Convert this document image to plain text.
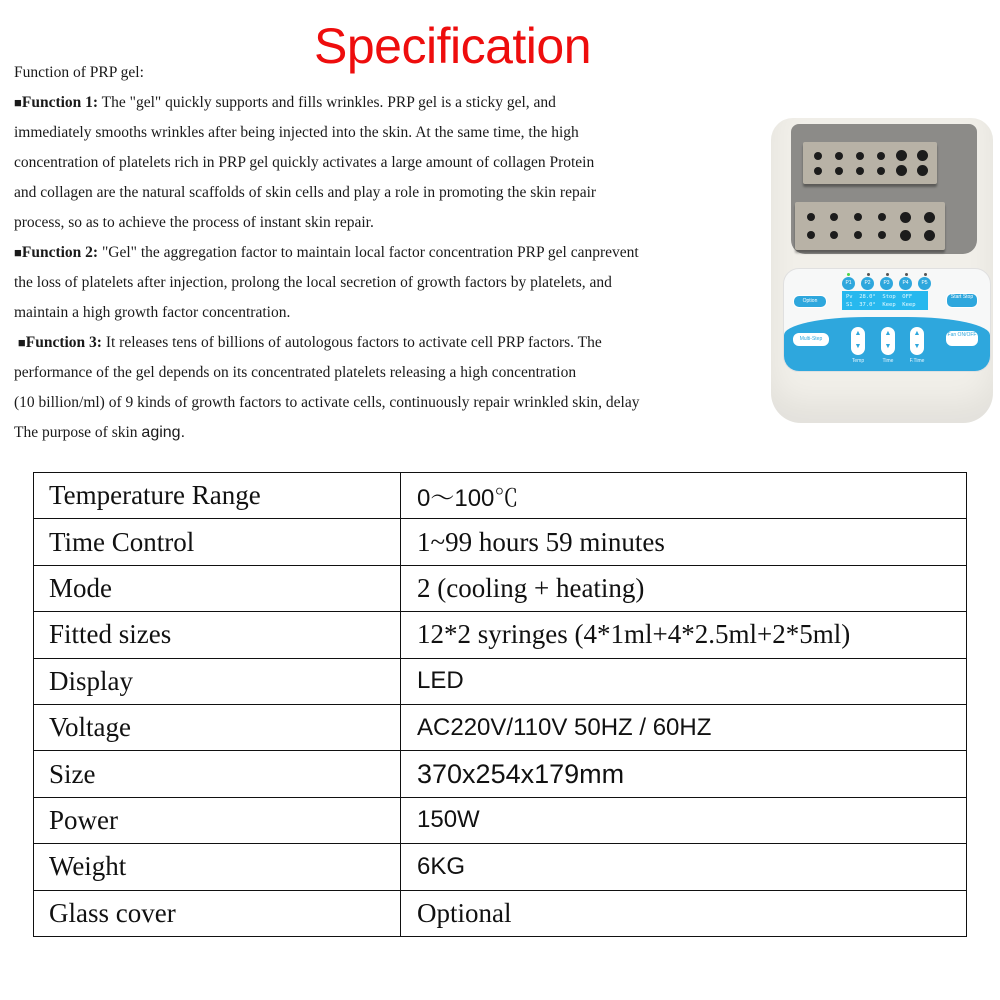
Specification

Function of PRP gel:

■Function 1: The "gel" quickly supports and fills wrinkles. PRP gel is a sticky gel, and

immediately smooths wrinkles after being injected into the skin. At the same time, the high

concentration of platelets rich in PRP gel quickly activates a large amount of collagen Protein

and collagen are the natural scaffolds of skin cells and play a role in promoting the skin repair

process, so as to achieve the process of instant skin repair.

■Function 2: "Gel" the aggregation factor to maintain local factor concentration PRP gel canprevent

the loss of platelets after injection, prolong the local secretion of growth factors by platelets, and

maintain a high growth factor concentration.

■Function 3: It releases tens of billions of autologous factors to activate cell PRP factors. The

performance of the gel depends on its concentrated platelets releasing a high concentration

(10 billion/ml) of 9 kinds of growth factors to activate cells, continuously repair wrinkled skin, delay

The purpose of skin aging.

P1	P2	P3	P4	P5
Option
Start Stop
Pv  28.0°  Stop  OFF
S1  37.0°  Keep  Keep
Multi-Step
Fan ON/OFF
▲
▼
▲
▼
▲
▼
Temp	Time	F.Time
Temperature Range	0〜100℃
Time Control	1~99 hours 59 minutes
Mode	2 (cooling + heating)
Fitted sizes	12*2 syringes (4*1ml+4*2.5ml+2*5ml)
Display	LED
Voltage	AC220V/110V 50HZ / 60HZ
Size	370x254x179mm
Power	150W
Weight	6KG
Glass cover	Optional
